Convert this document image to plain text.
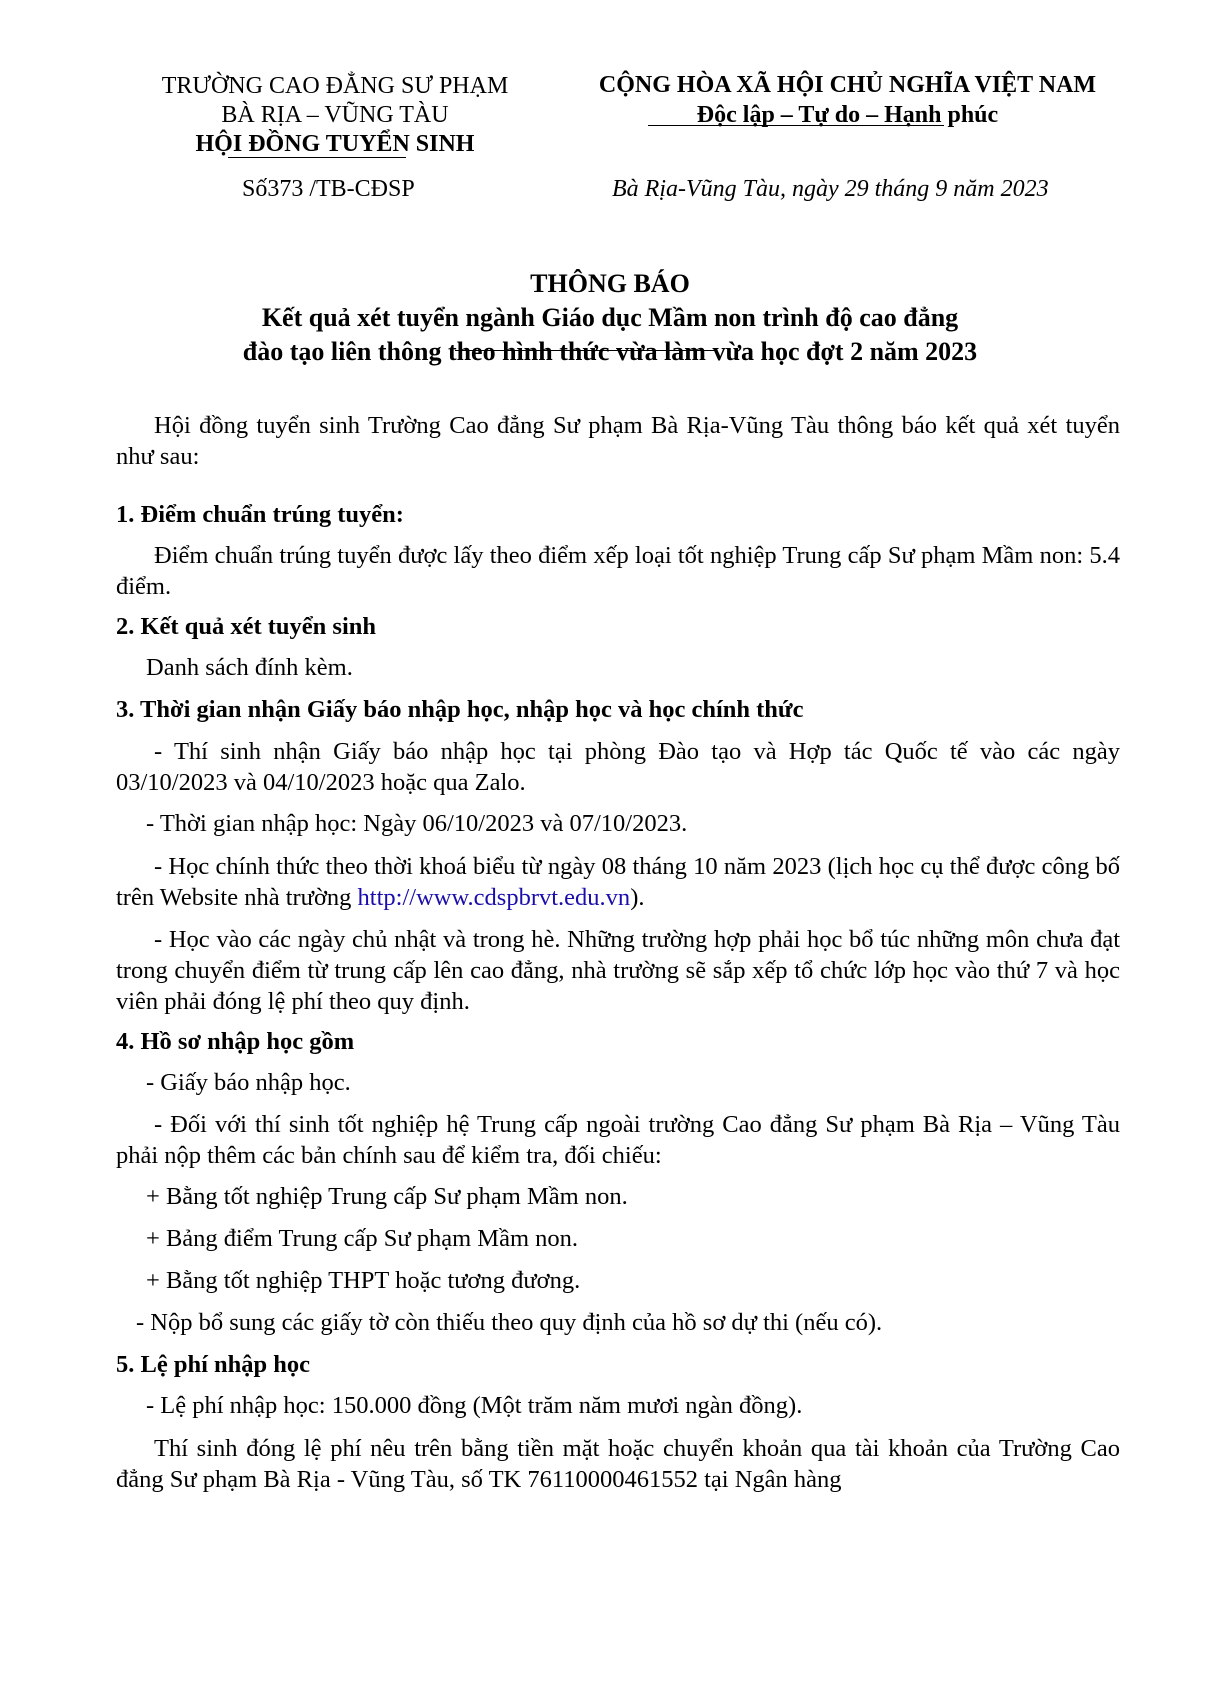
TRƯỜNG CAO ĐẲNG SƯ PHẠM
BÀ RỊA – VŨNG TÀU
HỘI ĐỒNG TUYỂN SINH
CỘNG HÒA XÃ HỘI CHỦ NGHĨA VIỆT NAM
Độc lập – Tự do – Hạnh phúc
Số373 /TB-CĐSP	Bà Rịa-Vũng Tàu, ngày 29 tháng 9 năm 2023
THÔNG BÁO
Kết quả xét tuyển ngành Giáo dục Mầm non trình độ cao đẳng
đào tạo liên thông theo hình thức vừa làm vừa học đợt 2 năm 2023

Hội đồng tuyển sinh Trường Cao đẳng Sư phạm Bà Rịa-Vũng Tàu thông báo kết quả xét tuyển như sau:

1. Điểm chuẩn trúng tuyển:

Điểm chuẩn trúng tuyển được lấy theo điểm xếp loại tốt nghiệp Trung cấp Sư phạm Mầm non: 5.4 điểm.

2. Kết quả xét tuyển sinh
Danh sách đính kèm.
3. Thời gian nhận Giấy báo nhập học, nhập học và học chính thức

- Thí sinh nhận Giấy báo nhập học tại phòng Đào tạo và Hợp tác Quốc tế vào các ngày 03/10/2023 và 04/10/2023 hoặc qua Zalo.

- Thời gian nhập học: Ngày 06/10/2023 và 07/10/2023.

- Học chính thức theo thời khoá biểu từ ngày 08 tháng 10 năm 2023 (lịch học cụ thể được công bố trên Website nhà trường http://www.cdspbrvt.edu.vn).

- Học vào các ngày chủ nhật và trong hè. Những trường hợp phải học bổ túc những môn chưa đạt trong chuyển điểm từ trung cấp lên cao đẳng, nhà trường sẽ sắp xếp tổ chức lớp học vào thứ 7 và học viên phải đóng lệ phí theo quy định.

4. Hồ sơ nhập học gồm
- Giấy báo nhập học.

- Đối với thí sinh tốt nghiệp hệ Trung cấp ngoài trường Cao đẳng Sư phạm Bà Rịa – Vũng Tàu phải nộp thêm các bản chính sau để kiểm tra, đối chiếu:

+ Bằng tốt nghiệp Trung cấp Sư phạm Mầm non.
+ Bảng điểm Trung cấp Sư phạm Mầm non.
+ Bằng tốt nghiệp THPT hoặc tương đương.
- Nộp bổ sung các giấy tờ còn thiếu theo quy định của hồ sơ dự thi (nếu có).
5. Lệ phí nhập học
- Lệ phí nhập học: 150.000 đồng (Một trăm năm mươi ngàn đồng).

Thí sinh đóng lệ phí nêu trên bằng tiền mặt hoặc chuyển khoản qua tài khoản của Trường Cao đẳng Sư phạm Bà Rịa - Vũng Tàu, số TK 76110000461552 tại Ngân hàng
